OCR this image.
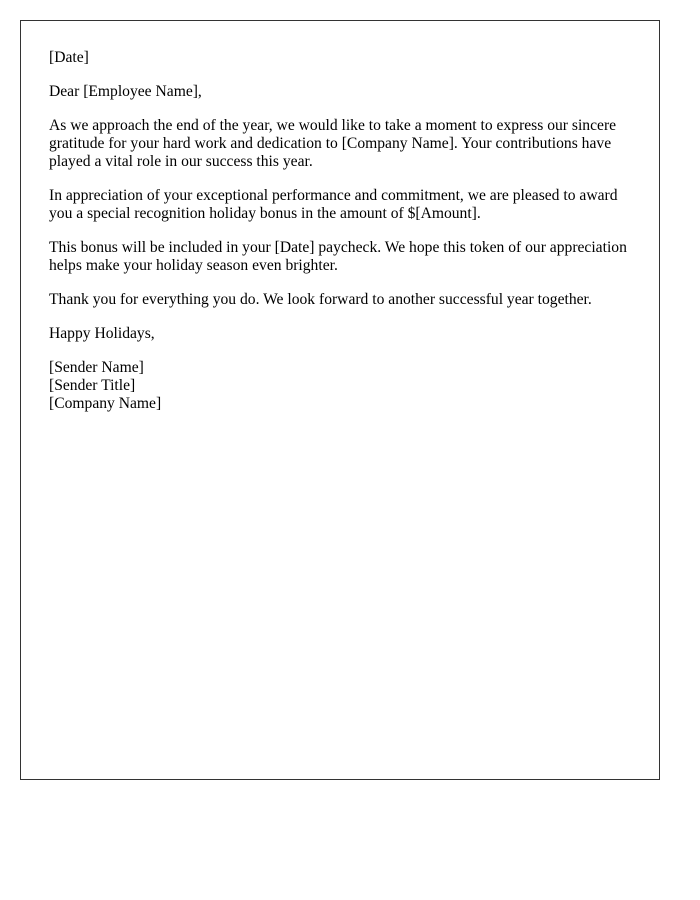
[Date]

Dear [Employee Name],

As we approach the end of the year, we would like to take a moment to express our sincere gratitude for your hard work and dedication to [Company Name]. Your contributions have played a vital role in our success this year.

In appreciation of your exceptional performance and commitment, we are pleased to award you a special recognition holiday bonus in the amount of $[Amount].

This bonus will be included in your [Date] paycheck. We hope this token of our appreciation helps make your holiday season even brighter.

Thank you for everything you do. We look forward to another successful year together.

Happy Holidays,

[Sender Name]
[Sender Title]
[Company Name]
